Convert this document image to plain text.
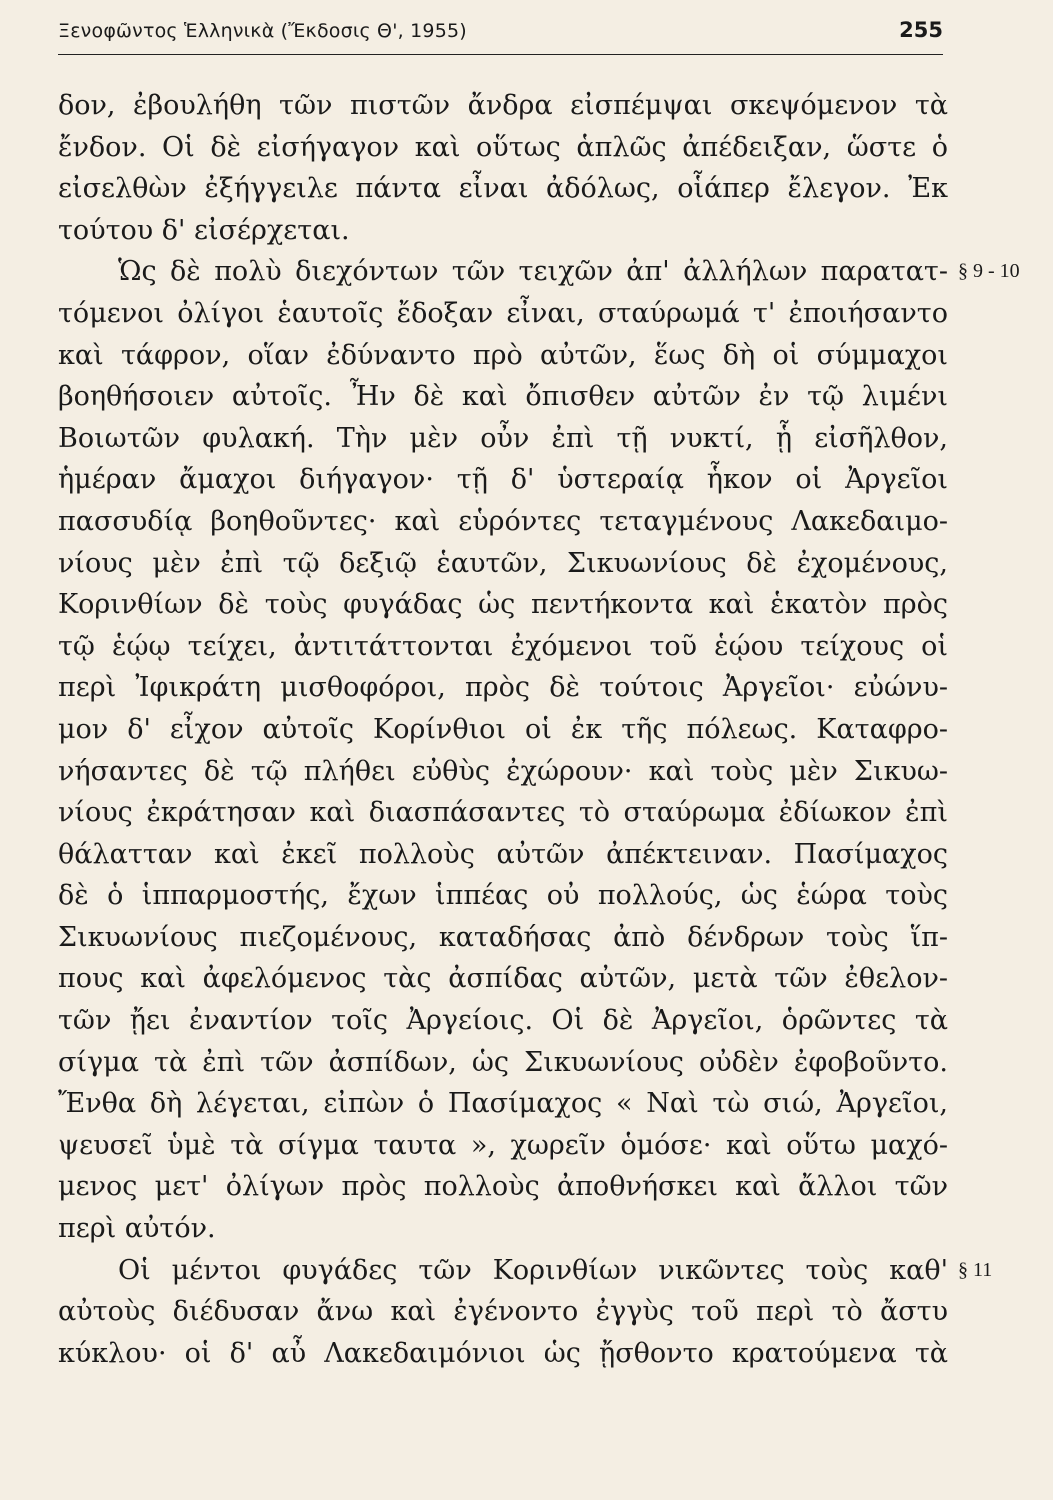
Ξενοφῶντος Ἑλληνικὰ (Ἔκδοσις Θ', 1955)	255
δον, ἐβουλήθη τῶν πιστῶν ἄνδρα εἰσπέμψαι σκεψόμενον τὰ
ἔνδον. Οἱ δὲ εἰσήγαγον καὶ οὕτως ἁπλῶς ἀπέδειξαν, ὥστε ὁ
εἰσελθὼν ἐξήγγειλε πάντα εἶναι ἀδόλως, οἷάπερ ἔλεγον. Ἐκ
τούτου δ' εἰσέρχεται.
Ὡς δὲ πολὺ διεχόντων τῶν τειχῶν ἀπ' ἀλλήλων παρατατ-
τόμενοι ὀλίγοι ἑαυτοῖς ἔδοξαν εἶναι, σταύρωμά τ' ἐποιήσαντο
καὶ τάφρον, οἵαν ἐδύναντο πρὸ αὐτῶν, ἕως δὴ οἱ σύμμαχοι
βοηθήσοιεν αὐτοῖς. Ἦν δὲ καὶ ὄπισθεν αὐτῶν ἐν τῷ λιμένι
Βοιωτῶν φυλακή. Τὴν μὲν οὖν ἐπὶ τῇ νυκτί, ᾗ εἰσῆλθον,
ἡμέραν ἄμαχοι διήγαγον· τῇ δ' ὑστεραίᾳ ἧκον οἱ Ἀργεῖοι
πασσυδίᾳ βοηθοῦντες· καὶ εὑρόντες τεταγμένους Λακεδαιμο-
νίους μὲν ἐπὶ τῷ δεξιῷ ἑαυτῶν, Σικυωνίους δὲ ἐχομένους,
Κορινθίων δὲ τοὺς φυγάδας ὡς πεντήκοντα καὶ ἑκατὸν πρὸς
τῷ ἑῴῳ τείχει, ἀντιτάττονται ἐχόμενοι τοῦ ἑῴου τείχους οἱ
περὶ Ἰφικράτη μισθοφόροι, πρὸς δὲ τούτοις Ἀργεῖοι· εὐώνυ-
μον δ' εἶχον αὐτοῖς Κορίνθιοι οἱ ἐκ τῆς πόλεως. Καταφρο-
νήσαντες δὲ τῷ πλήθει εὐθὺς ἐχώρουν· καὶ τοὺς μὲν Σικυω-
νίους ἐκράτησαν καὶ διασπάσαντες τὸ σταύρωμα ἐδίωκον ἐπὶ
θάλατταν καὶ ἐκεῖ πολλοὺς αὐτῶν ἀπέκτειναν. Πασίμαχος
δὲ ὁ ἱππαρμοστής, ἔχων ἱππέας οὐ πολλούς, ὡς ἑώρα τοὺς
Σικυωνίους πιεζομένους, καταδήσας ἀπὸ δένδρων τοὺς ἵπ-
πους καὶ ἀφελόμενος τὰς ἀσπίδας αὐτῶν, μετὰ τῶν ἐθελον-
τῶν ᾔει ἐναντίον τοῖς Ἀργείοις. Οἱ δὲ Ἀργεῖοι, ὁρῶντες τὰ
σίγμα τὰ ἐπὶ τῶν ἀσπίδων, ὡς Σικυωνίους οὐδὲν ἐφοβοῦντο.
Ἔνθα δὴ λέγεται, εἰπὼν ὁ Πασίμαχος « Ναὶ τὼ σιώ, Ἀργεῖοι,
ψευσεῖ ὑμὲ τὰ σίγμα ταυτα », χωρεῖν ὁμόσε· καὶ οὕτω μαχό-
μενος μετ' ὀλίγων πρὸς πολλοὺς ἀποθνήσκει καὶ ἄλλοι τῶν
περὶ αὐτόν.
Οἱ μέντοι φυγάδες τῶν Κορινθίων νικῶντες τοὺς καθ'
αὐτοὺς διέδυσαν ἄνω καὶ ἐγένοντο ἐγγὺς τοῦ περὶ τὸ ἄστυ
κύκλου· οἱ δ' αὖ Λακεδαιμόνιοι ὡς ᾔσθοντο κρατούμενα τὰ
§ 9 - 10
§ 11
